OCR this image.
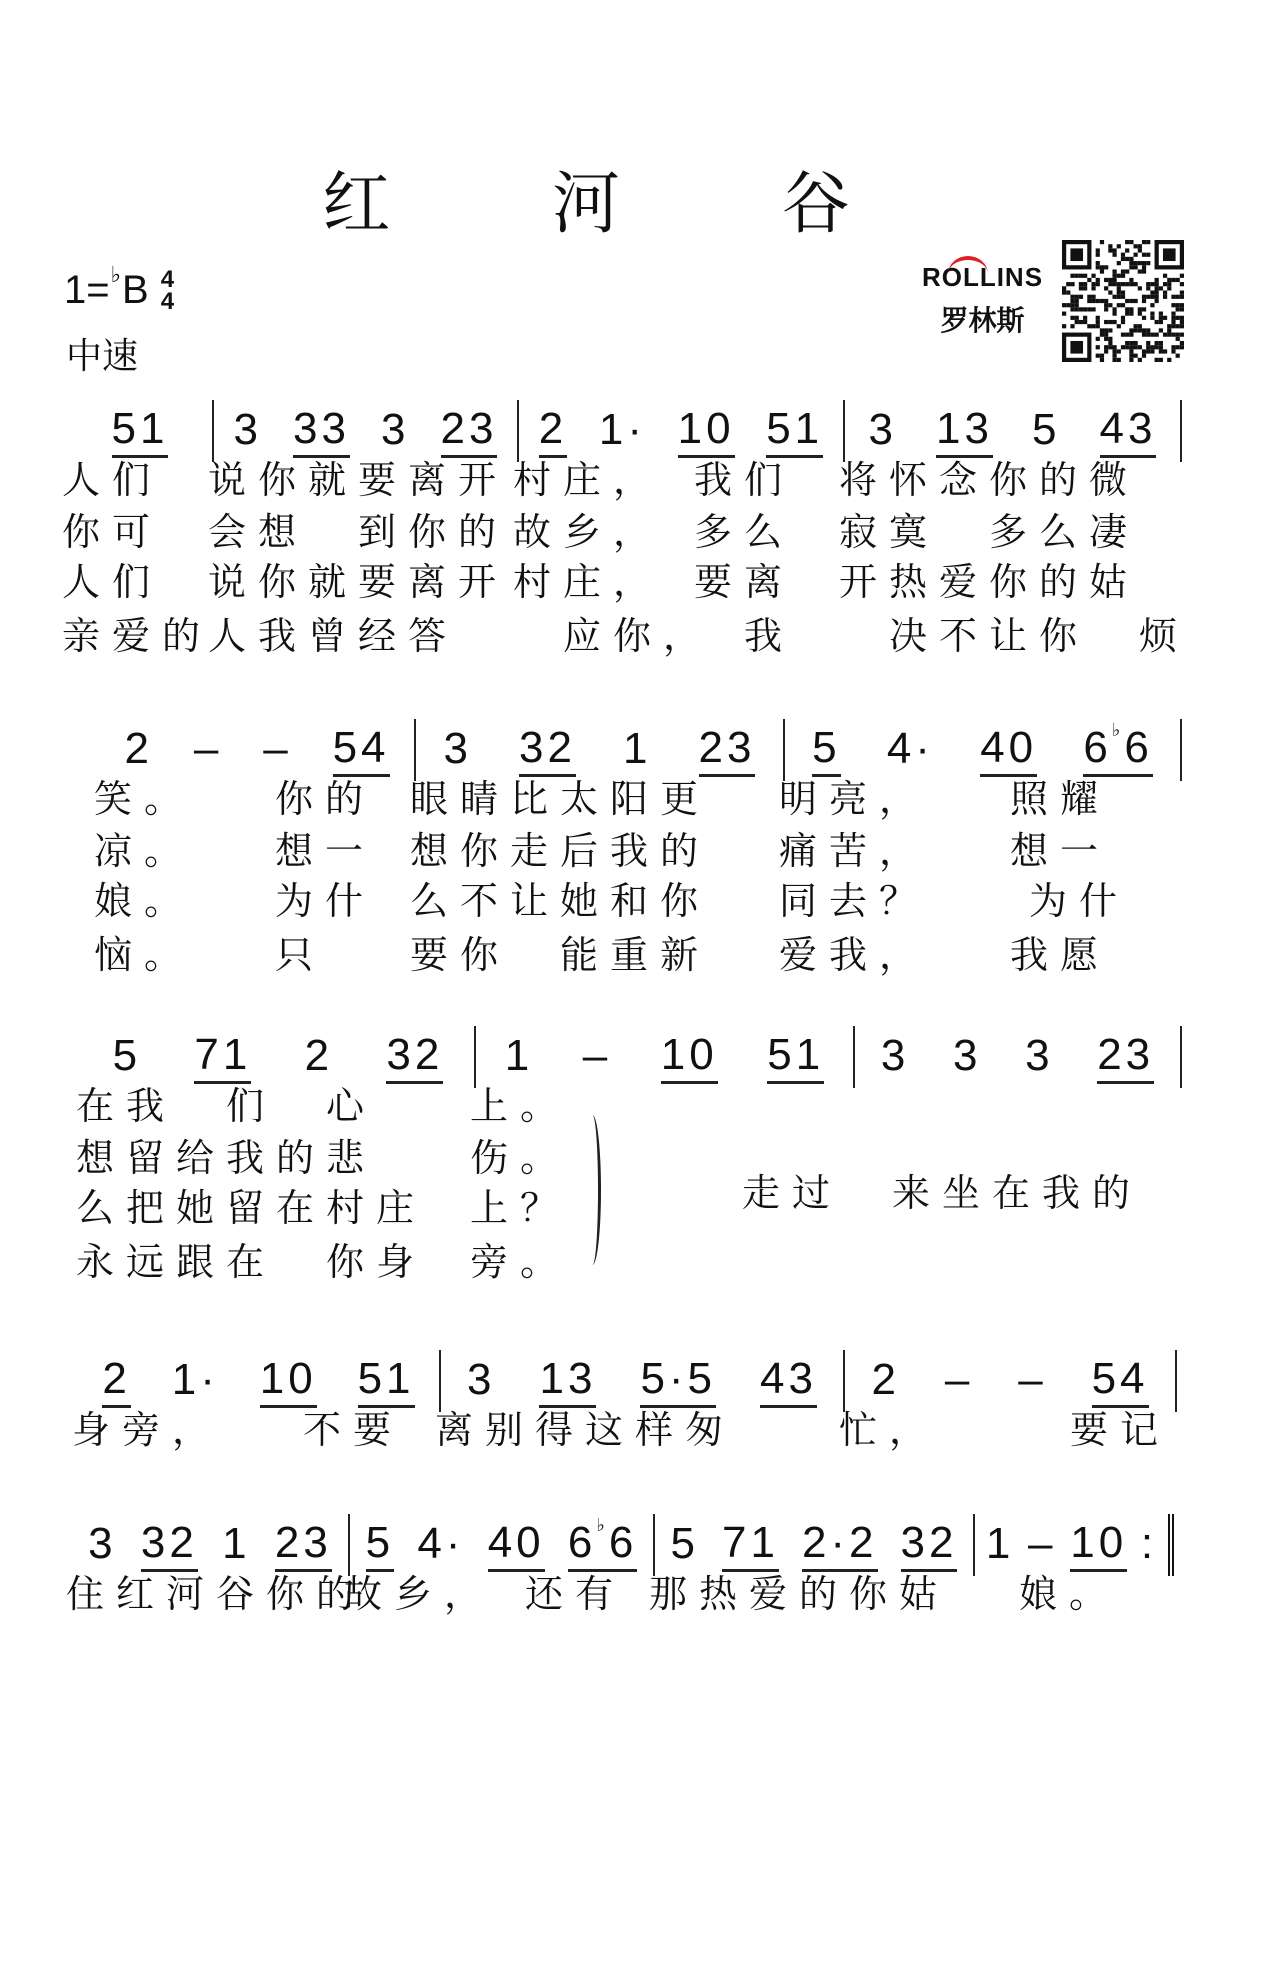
红 河 谷
1= ♭ B 4
4
中速
ROLLINS
罗林斯
51 3 33 3 23 2 1· 10 51 3 13 5 43
人们 说你就要离开 村庄，　我们 将怀念你的微
你可 会想　到你的 故乡，　多么 寂寞　多么凄
人们 说你就要离开 村庄，　要离 开热爱你的姑
亲爱的
人我曾经答 　应你，　我 　决不让你　烦
2 – – 54 3 32 1 23 5 4· 40 6 ♭ 6
笑。　　你的 眼睛比太阳更 明亮，　　照耀
凉。　　想一 想你走后我的 痛苦，　　想一
娘。　　为什 么不让她和你 同去？　　为什
恼。　　只 要你　能重新 爱我，　　我愿
5 71 2 32 1 – 10 51 3 3 3 23
在我　们　心 上。
想留给我的悲 伤。
么把她留在村庄 上？
永远跟在　你身 旁。
2 1· 10 51 3 13 5·5 43 2 – – 54
身旁，　　不要 离别得这样匆	忙，　　　要记
3 32 1 23 5 4· 40 6 ♭ 6 5 71 2·2 32 1 – 10 :
住红河谷你的
故乡，　还有 那热爱的你姑 　娘。
走过　来坐在我的
